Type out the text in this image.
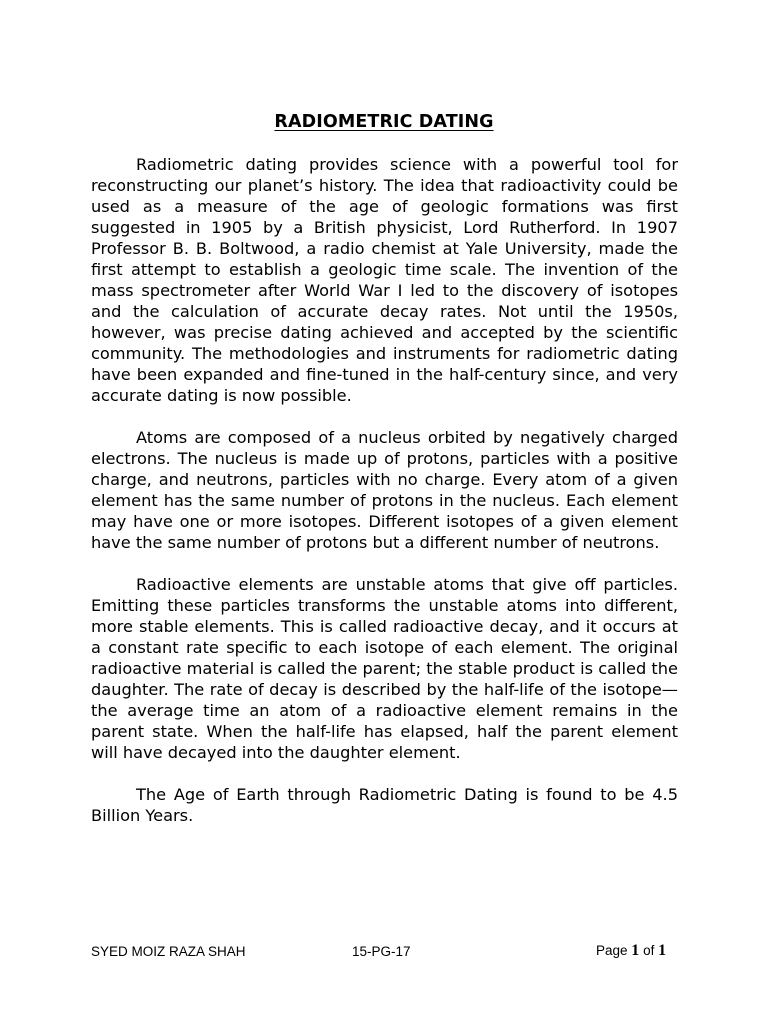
RADIOMETRIC DATING

Radiometric dating provides science with a powerful tool for reconstructing our planet’s history. The idea that radioactivity could be used as a measure of the age of geologic formations was first suggested in 1905 by a British physicist, Lord Rutherford. In 1907 Professor B. B. Boltwood, a radio chemist at Yale University, made the first attempt to establish a geologic time scale. The invention of the mass spectrometer after World War I led to the discovery of isotopes and the calculation of accurate decay rates. Not until the 1950s, however, was precise dating achieved and accepted by the scientific community. The methodologies and instruments for radiometric dating have been expanded and fine-tuned in the half-century since, and very accurate dating is now possible.

Atoms are composed of a nucleus orbited by negatively charged electrons. The nucleus is made up of protons, particles with a positive charge, and neutrons, particles with no charge. Every atom of a given element has the same number of protons in the nucleus. Each element may have one or more isotopes. Different isotopes of a given element have the same number of protons but a different number of neutrons.

Radioactive elements are unstable atoms that give off particles. Emitting these particles transforms the unstable atoms into different, more stable elements. This is called radioactive decay, and it occurs at a constant rate specific to each isotope of each element. The original radioactive material is called the parent; the stable product is called the daughter. The rate of decay is described by the half-life of the isotope—the average time an atom of a radioactive element remains in the parent state. When the half-life has elapsed, half the parent element will have decayed into the daughter element.

The Age of Earth through Radiometric Dating is found to be 4.5 Billion Years.

SYED MOIZ RAZA SHAH	15-PG-17	Page 1 of 1
